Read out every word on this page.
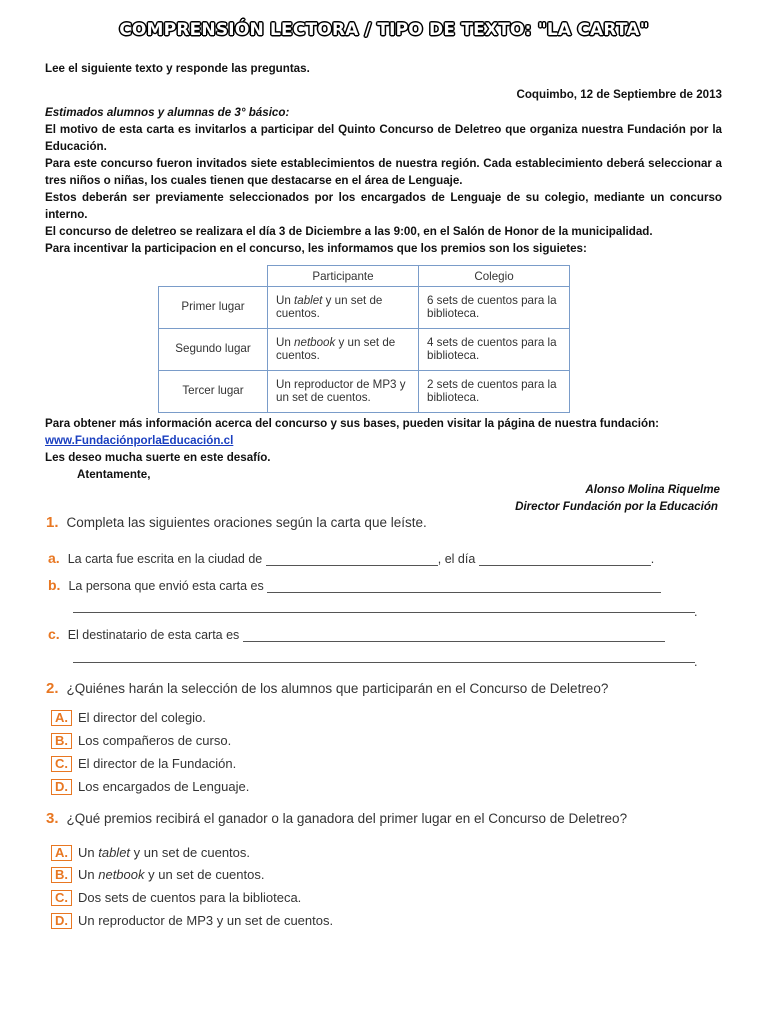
COMPRENSIÓN LECTORA / TIPO DE TEXTO: "LA CARTA"
Lee el siguiente texto y responde las preguntas.
Coquimbo, 12 de Septiembre de 2013

Estimados alumnos y alumnas de 3° básico:

El motivo de esta carta es invitarlos a participar del Quinto Concurso de Deletreo que organiza nuestra Fundación por la Educación.

Para este concurso fueron invitados siete establecimientos de nuestra región. Cada establecimiento deberá seleccionar a tres niños o niñas, los cuales tienen que destacarse en el área de Lenguaje.

Estos deberán ser previamente seleccionados por los encargados de Lenguaje de su colegio, mediante un concurso interno.

El concurso de deletreo se realizara el día 3 de Diciembre a las 9:00, en el Salón de Honor de la municipalidad.

Para incentivar la participacion en el concurso, les informamos que los premios son los siguietes:

	Participante	Colegio
Primer lugar	Un tablet y un set de cuentos.	6 sets de cuentos para la biblioteca.
Segundo lugar	Un netbook y un set de cuentos.	4 sets de cuentos para la biblioteca.
Tercer lugar	Un reproductor de MP3 y un set de cuentos.	2 sets de cuentos para la biblioteca.
Para obtener más información acerca del concurso y sus bases, pueden visitar la página de nuestra fundación:
www.FundaciónporlaEducación.cl
Les deseo mucha suerte en este desafío.
Atentamente,
Alonso Molina Riquelme
Director Fundación por la Educación
1. Completa las siguientes oraciones según la carta que leíste.
a. La carta fue escrita en la ciudad de	, el día	.
b. La persona que envió esta carta es
.
c. El destinatario de esta carta es
.
2. ¿Quiénes harán la selección de los alumnos que participarán en el Concurso de Deletreo?
A. El director del colegio.
B. Los compañeros de curso.
C. El director de la Fundación.
D. Los encargados de Lenguaje.
3. ¿Qué premios recibirá el ganador o la ganadora del primer lugar en el Concurso de Deletreo?
A. Un tablet y un set de cuentos.
B. Un netbook y un set de cuentos.
C. Dos sets de cuentos para la biblioteca.
D. Un reproductor de MP3 y un set de cuentos.
